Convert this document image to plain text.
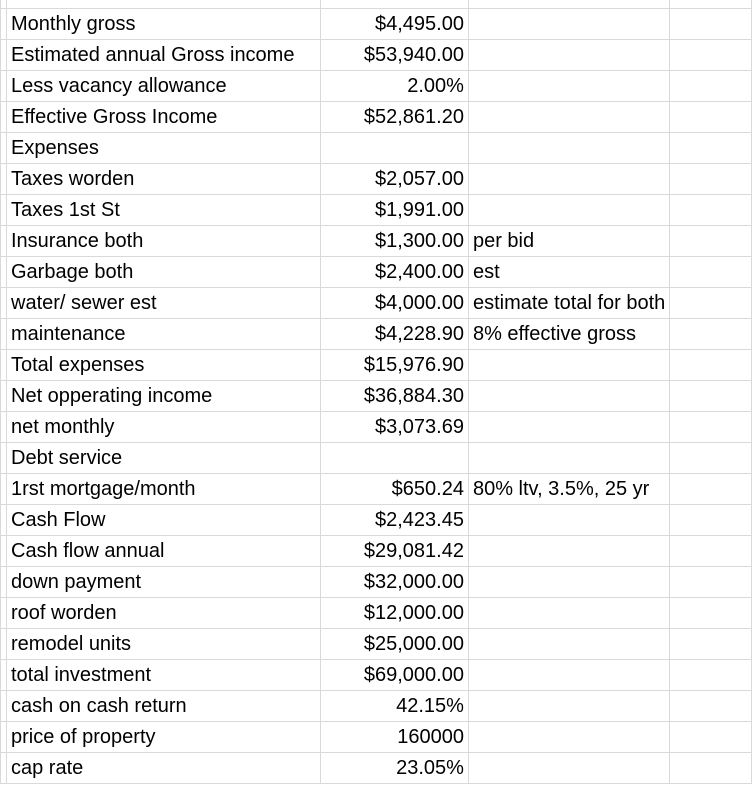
	Monthly gross	$4,495.00		
	Estimated annual Gross income	$53,940.00		
	Less vacancy allowance	2.00%		
	Effective Gross Income	$52,861.20		
	Expenses			
	Taxes worden	$2,057.00		
	Taxes 1st St	$1,991.00		
	Insurance both	$1,300.00	per bid	
	Garbage both	$2,400.00	est	
	water/ sewer est	$4,000.00	estimate total for both	
	maintenance	$4,228.90	8% effective gross	
	Total expenses	$15,976.90		
	Net opperating income	$36,884.30		
	net monthly	$3,073.69		
	Debt service			
	1rst mortgage/month	$650.24	80% ltv, 3.5%, 25 yr	
	Cash Flow	$2,423.45		
	Cash flow annual	$29,081.42		
	down payment	$32,000.00		
	roof worden	$12,000.00		
	remodel units	$25,000.00		
	total investment	$69,000.00		
	cash on cash return	42.15%		
	price of property	160000		
	cap rate	23.05%		
